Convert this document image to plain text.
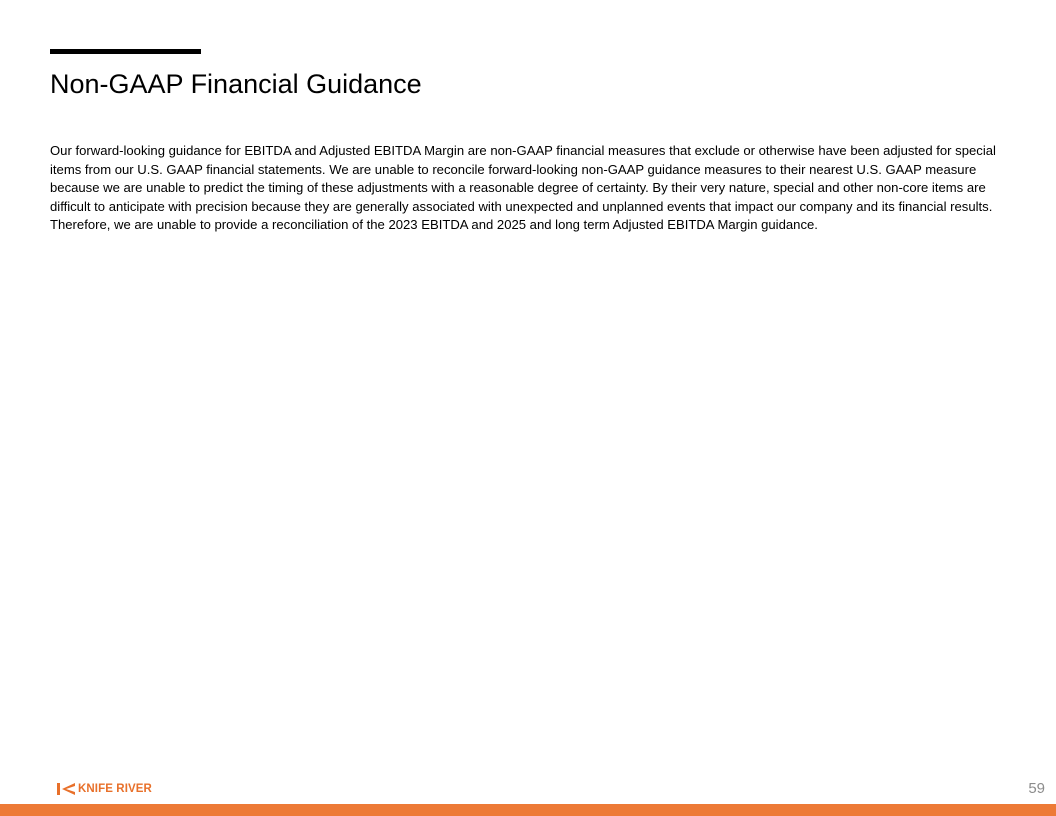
Non-GAAP Financial Guidance

Our forward-looking guidance for EBITDA and Adjusted EBITDA Margin are non-GAAP financial measures that exclude or otherwise have been adjusted for special items from our U.S. GAAP financial statements. We are unable to reconcile forward-looking non-GAAP guidance measures to their nearest U.S. GAAP measure because we are unable to predict the timing of these adjustments with a reasonable degree of certainty. By their very nature, special and other non-core items are difficult to anticipate with precision because they are generally associated with unexpected and unplanned events that impact our company and its financial results. Therefore, we are unable to provide a reconciliation of the 2023 EBITDA and 2025 and long term Adjusted EBITDA Margin guidance.

KNIFE RIVER	59
